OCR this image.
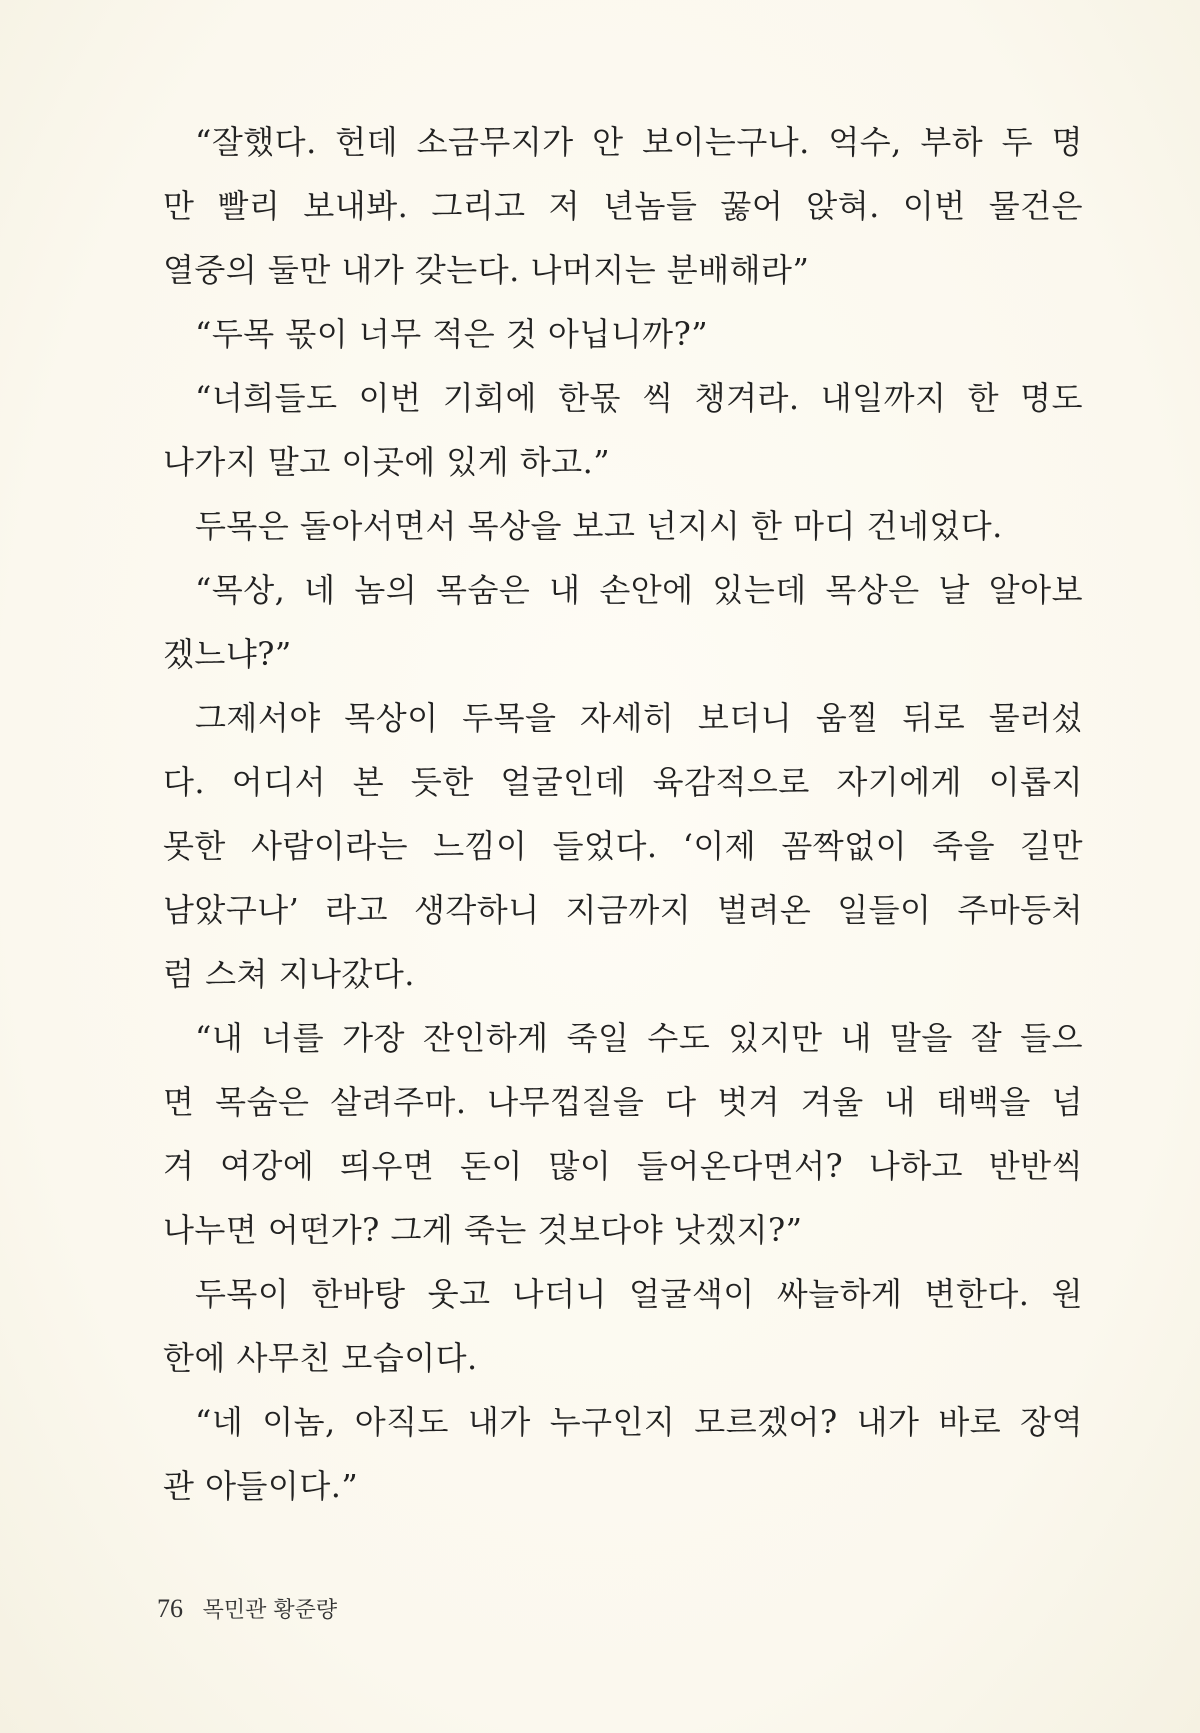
“잘했다. 헌데 소금무지가 안 보이는구나. 억수, 부하 두 명
만 빨리 보내봐. 그리고 저 년놈들 꿇어 앉혀. 이번 물건은
열중의 둘만 내가 갖는다. 나머지는 분배해라”
“두목 몫이 너무 적은 것 아닙니까?”
“너희들도 이번 기회에 한몫 씩 챙겨라. 내일까지 한 명도
나가지 말고 이곳에 있게 하고.”
두목은 돌아서면서 목상을 보고 넌지시 한 마디 건네었다.
“목상, 네 놈의 목숨은 내 손안에 있는데 목상은 날 알아보
겠느냐?”
그제서야 목상이 두목을 자세히 보더니 움찔 뒤로 물러섰
다. 어디서 본 듯한 얼굴인데 육감적으로 자기에게 이롭지
못한 사람이라는 느낌이 들었다. ‘이제 꼼짝없이 죽을 길만
남았구나’ 라고 생각하니 지금까지 벌려온 일들이 주마등처
럼 스쳐 지나갔다.
“내 너를 가장 잔인하게 죽일 수도 있지만 내 말을 잘 들으
면 목숨은 살려주마. 나무껍질을 다 벗겨 겨울 내 태백을 넘
겨 여강에 띄우면 돈이 많이 들어온다면서? 나하고 반반씩
나누면 어떤가? 그게 죽는 것보다야 낫겠지?”
두목이 한바탕 웃고 나더니 얼굴색이 싸늘하게 변한다. 원
한에 사무친 모습이다.
“네 이놈, 아직도 내가 누구인지 모르겠어? 내가 바로 장역
관 아들이다.”
76 목민관 황준량
